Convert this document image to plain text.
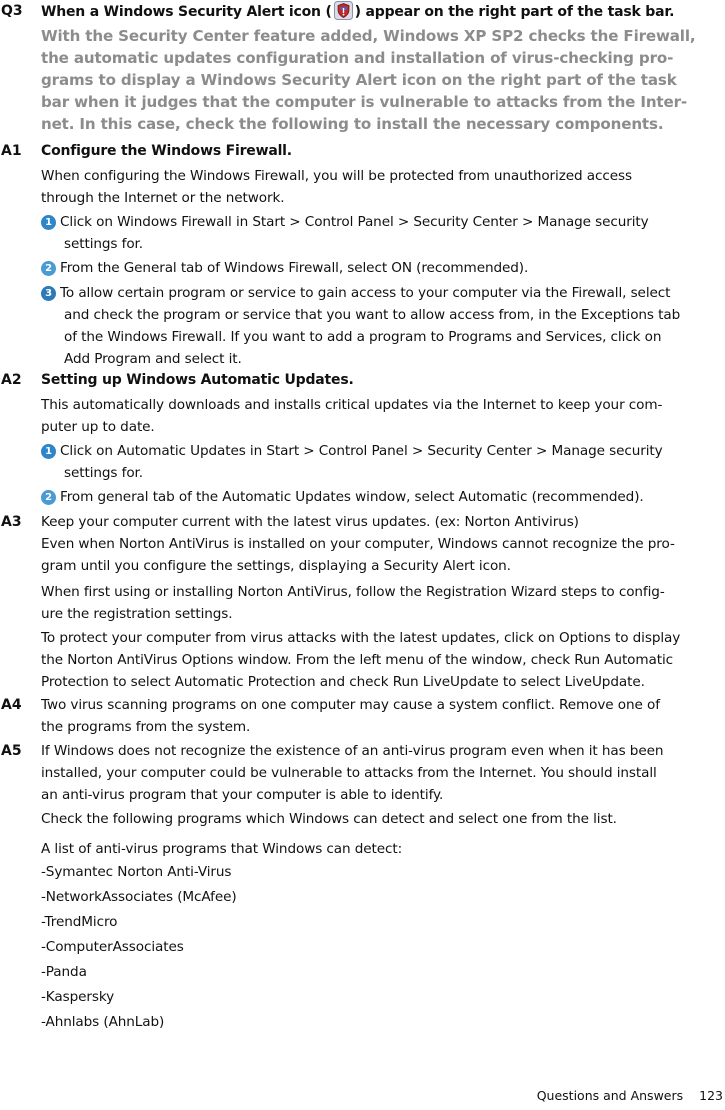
Q3 When a Windows Security Alert icon ( ) appear on the right part of the task bar.
With the Security Center feature added, Windows XP SP2 checks the Firewall,
the automatic updates configuration and installation of virus-checking pro-
grams to display a Windows Security Alert icon on the right part of the task
bar when it judges that the computer is vulnerable to attacks from the Inter-
net. In this case, check the following to install the necessary components.
A1 Configure the Windows Firewall.
When configuring the Windows Firewall, you will be protected from unauthorized access
through the Internet or the network.
1 Click on Windows Firewall in Start > Control Panel > Security Center > Manage security
settings for.
2 From the General tab of Windows Firewall, select ON (recommended).
3 To allow certain program or service to gain access to your computer via the Firewall, select
and check the program or service that you want to allow access from, in the Exceptions tab
of the Windows Firewall. If you want to add a program to Programs and Services, click on
Add Program and select it.
A2 Setting up Windows Automatic Updates.
This automatically downloads and installs critical updates via the Internet to keep your com-
puter up to date.
1 Click on Automatic Updates in Start > Control Panel > Security Center > Manage security
settings for.
2 From general tab of the Automatic Updates window, select Automatic (recommended).
A3 Keep your computer current with the latest virus updates. (ex: Norton Antivirus)
Even when Norton AntiVirus is installed on your computer, Windows cannot recognize the pro-
gram until you configure the settings, displaying a Security Alert icon.
When first using or installing Norton AntiVirus, follow the Registration Wizard steps to config-
ure the registration settings.
To protect your computer from virus attacks with the latest updates, click on Options to display
the Norton AntiVirus Options window. From the left menu of the window, check Run Automatic
Protection to select Automatic Protection and check Run LiveUpdate to select LiveUpdate.
A4 Two virus scanning programs on one computer may cause a system conflict. Remove one of
the programs from the system.
A5 If Windows does not recognize the existence of an anti-virus program even when it has been
installed, your computer could be vulnerable to attacks from the Internet. You should install
an anti-virus program that your computer is able to identify.
Check the following programs which Windows can detect and select one from the list.
A list of anti-virus programs that Windows can detect:
-Symantec Norton Anti-Virus
-NetworkAssociates (McAfee)
-TrendMicro
-ComputerAssociates
-Panda
-Kaspersky
-Ahnlabs (AhnLab)
Questions and Answers 123
